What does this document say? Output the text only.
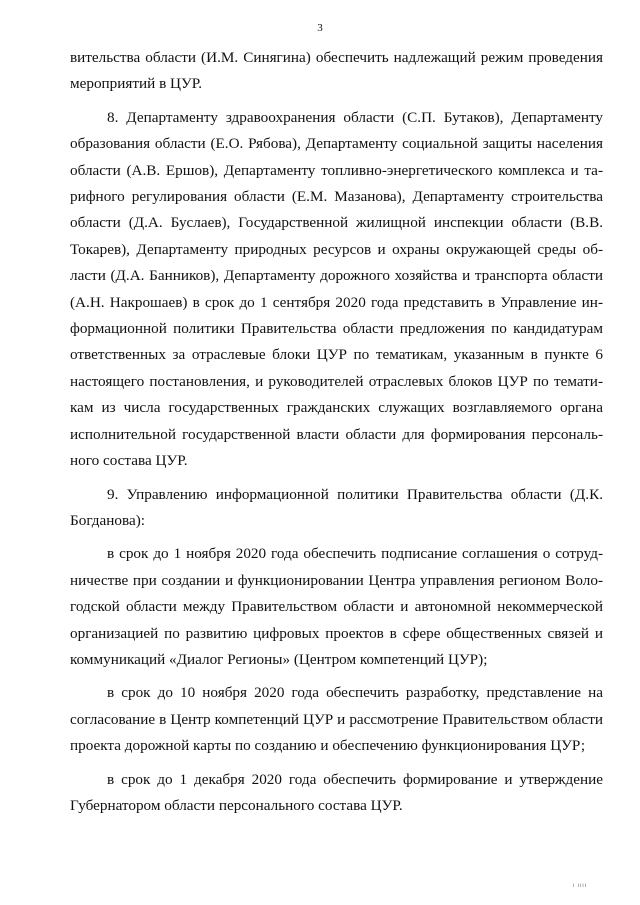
3

вительства области (И.М. Синягина) обеспечить надлежащий режим проведения мероприятий в ЦУР.

8. Департаменту здравоохранения области (С.П. Бутаков), Департаменту образования области (Е.О. Рябова), Департаменту социальной защиты населения области (А.В. Ершов), Департаменту топливно-энергетического комплекса и тарифного регулирования области (Е.М. Мазанова), Департаменту строительства области (Д.А. Буслаев), Государственной жилищной инспекции области (В.В. Токарев), Департаменту природных ресурсов и охраны окружающей среды области (Д.А. Банников), Департаменту дорожного хозяйства и транспорта области (А.Н. Накрошаев) в срок до 1 сентября 2020 года представить в Управление информационной политики Правительства области предложения по кандидатурам ответственных за отраслевые блоки ЦУР по тематикам, указанным в пункте 6 настоящего постановления, и руководителей отраслевых блоков ЦУР по тематикам из числа государственных гражданских служащих возглавляемого органа исполнительной государственной власти области для формирования персонального состава ЦУР.

9. Управлению информационной политики Правительства области (Д.К. Богданова):

в срок до 1 ноября 2020 года обеспечить подписание соглашения о сотрудничестве при создании и функционировании Центра управления регионом Вологодской области между Правительством области и автономной некоммерческой организацией по развитию цифровых проектов в сфере общественных связей и коммуникаций «Диалог Регионы» (Центром компетенций ЦУР);

в срок до 10 ноября 2020 года обеспечить разработку, представление на согласование в Центр компетенций ЦУР и рассмотрение Правительством области проекта дорожной карты по созданию и обеспечению функционирования ЦУР;

в срок до 1 декабря 2020 года обеспечить формирование и утверждение Губернатором области персонального состава ЦУР.

ι ιιιι
